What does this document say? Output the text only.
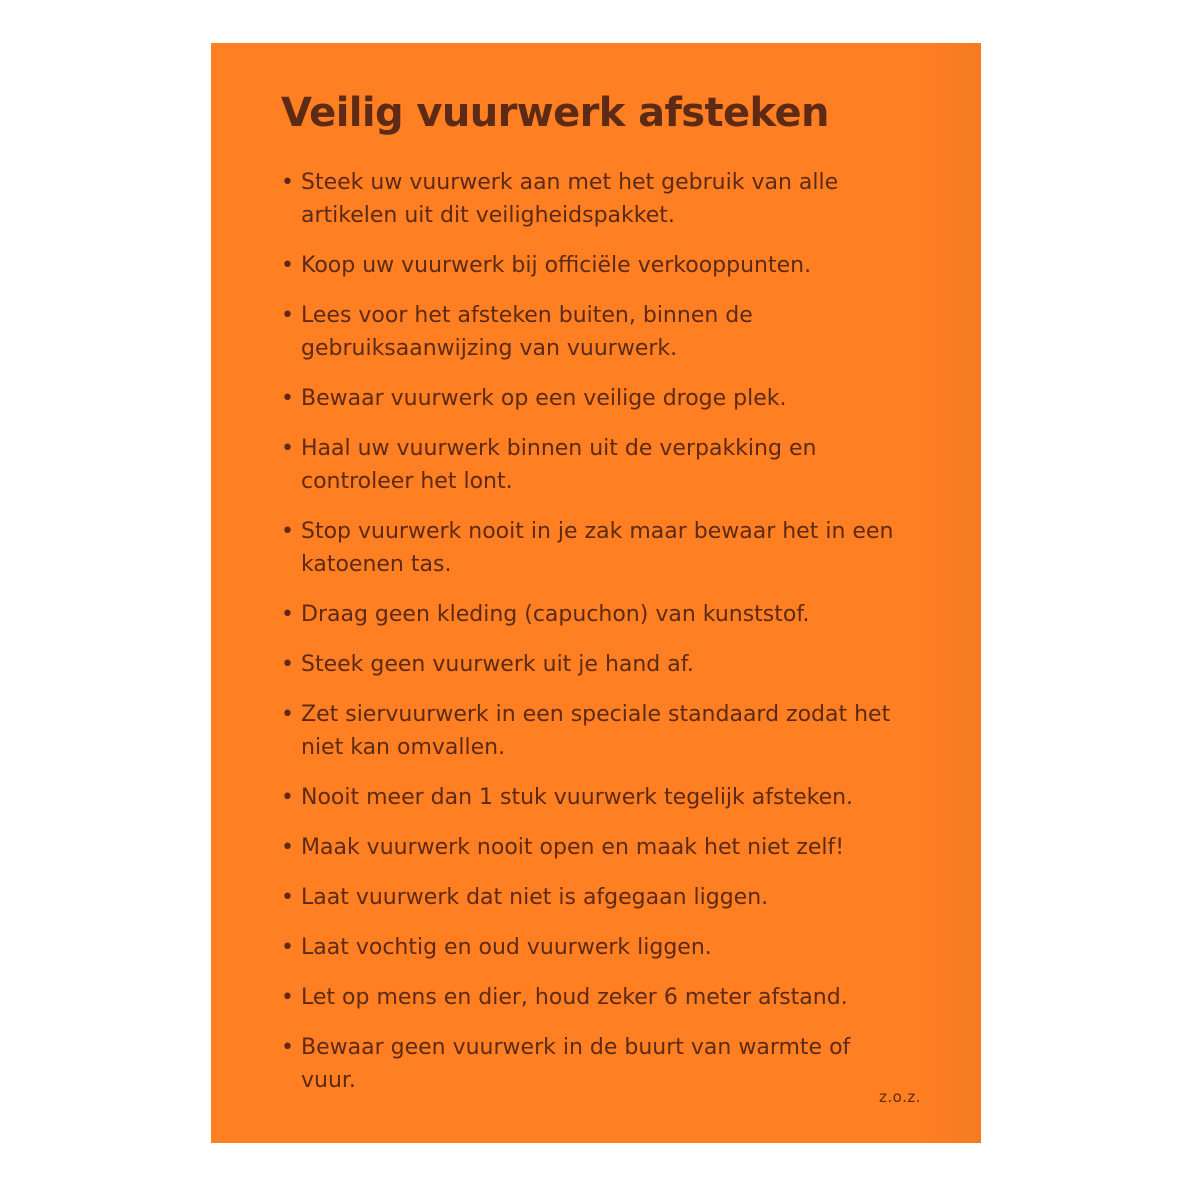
Veilig vuurwerk afsteken
• Steek uw vuurwerk aan met het gebruik van alle artikelen uit dit veiligheidspakket.
• Koop uw vuurwerk bij officiële verkooppunten.
• Lees voor het afsteken buiten, binnen de gebruiksaanwijzing van vuurwerk.
• Bewaar vuurwerk op een veilige droge plek.
• Haal uw vuurwerk binnen uit de verpakking en controleer het lont.
• Stop vuurwerk nooit in je zak maar bewaar het in een katoenen tas.
• Draag geen kleding (capuchon) van kunststof.
• Steek geen vuurwerk uit je hand af.
• Zet siervuurwerk in een speciale standaard zodat het niet kan omvallen.
• Nooit meer dan 1 stuk vuurwerk tegelijk afsteken.
• Maak vuurwerk nooit open en maak het niet zelf!
• Laat vuurwerk dat niet is afgegaan liggen.
• Laat vochtig en oud vuurwerk liggen.
• Let op mens en dier, houd zeker 6 meter afstand.
• Bewaar geen vuurwerk in de buurt van warmte of vuur.
z.o.z.
